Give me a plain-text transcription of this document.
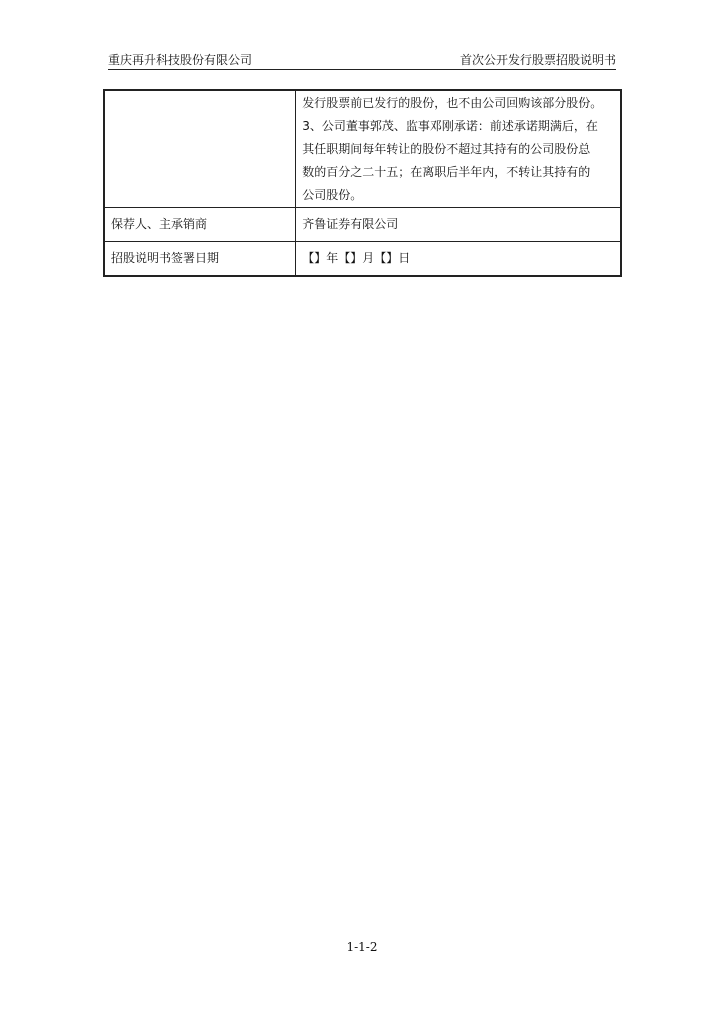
重庆再升科技股份有限公司	首次公开发行股票招股说明书

	发行股票前已发行的股份，也不由公司回购该部分股份。
3、公司董事郭茂、监事邓刚承诺：前述承诺期满后，在
其任职期间每年转让的股份不超过其持有的公司股份总
数的百分之二十五；在离职后半年内，不转让其持有的
公司股份。

保荐人、主承销商	齐鲁证券有限公司
招股说明书签署日期	【】年【】月【】日
1-1-2
